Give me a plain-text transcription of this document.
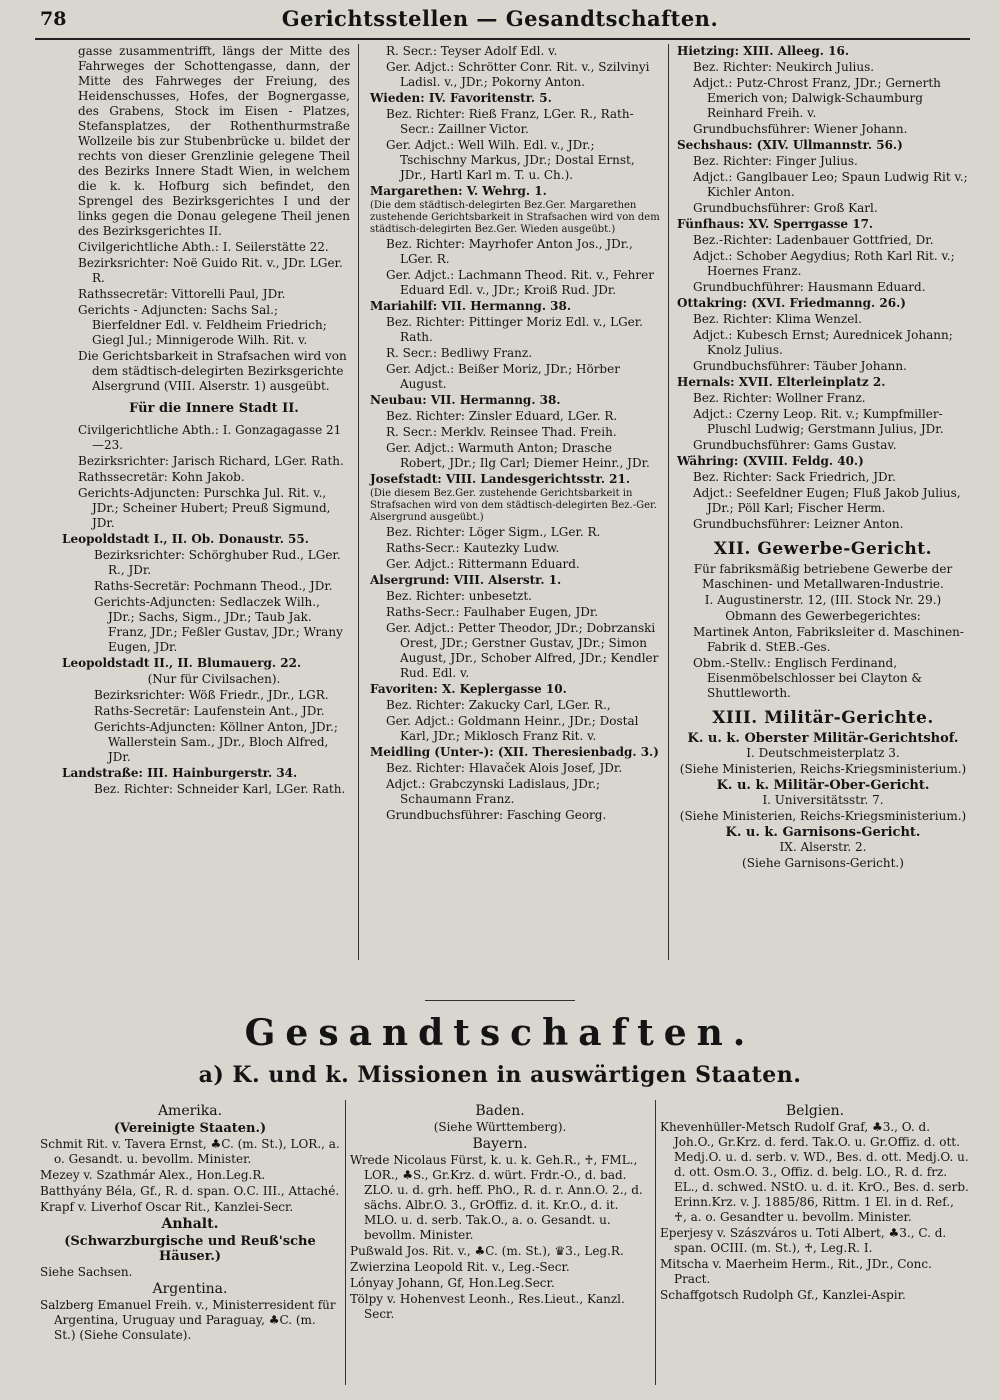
78	Gerichtsstellen — Gesandtschaften.
gasse zusammentrifft, längs der Mitte des Fahrweges der Schottengasse, dann, der Mitte des Fahrweges der Freiung, des Heidenschusses, Hofes, der Bognergasse, des Grabens, Stock im Eisen - Platzes, Stefansplatzes, der Rothenthurmstraße Wollzeile bis zur Stubenbrücke u. bildet der rechts von dieser Grenzlinie gelegene Theil des Bezirks Innere Stadt Wien, in welchem die k. k. Hofburg sich befindet, den Sprengel des Bezirksgerichtes I und der links gegen die Donau gelegene Theil jenen des Bezirksgerichtes II.
Civilgerichtliche Abth.: I. Seilerstätte 22.
Bezirksrichter: Noë Guido Rit. v., JDr. LGer. R.
Rathssecretär: Vittorelli Paul, JDr.
Gerichts - Adjuncten: Sachs Sal.; Bierfeldner Edl. v. Feldheim Friedrich; Giegl Jul.; Minnigerode Wilh. Rit. v.
Die Gerichtsbarkeit in Strafsachen wird von dem städtisch-delegirten Bezirksgerichte Alsergrund (VIII. Alserstr. 1) ausgeübt.
Für die Innere Stadt II.
Civilgerichtliche Abth.: I. Gonzagagasse 21—23.
Bezirksrichter: Jarisch Richard, LGer. Rath.
Rathssecretär: Kohn Jakob.
Gerichts-Adjuncten: Purschka Jul. Rit. v., JDr.; Scheiner Hubert; Preuß Sigmund, JDr.
Leopoldstadt I., II. Ob. Donaustr. 55.
Bezirksrichter: Schörghuber Rud., LGer. R., JDr.
Raths-Secretär: Pochmann Theod., JDr.
Gerichts-Adjuncten: Sedlaczek Wilh., JDr.; Sachs, Sigm., JDr.; Taub Jak. Franz, JDr.; Feßler Gustav, JDr.; Wrany Eugen, JDr.
Leopoldstadt II., II. Blumauerg. 22.
(Nur für Civilsachen).
Bezirksrichter: Wöß Friedr., JDr., LGR.
Raths-Secretär: Laufenstein Ant., JDr.
Gerichts-Adjuncten: Köllner Anton, JDr.; Wallerstein Sam., JDr., Bloch Alfred, JDr.
Landstraße: III. Hainburgerstr. 34.
Bez. Richter: Schneider Karl, LGer. Rath.
R. Secr.: Teyser Adolf Edl. v.
Ger. Adjct.: Schrötter Conr. Rit. v., Szilvinyi Ladisl. v., JDr.; Pokorny Anton.
Wieden: IV. Favoritenstr. 5.
Bez. Richter: Rieß Franz, LGer. R., Rath-Secr.: Zaillner Victor.
Ger. Adjct.: Well Wilh. Edl. v., JDr.; Tschischny Markus, JDr.; Dostal Ernst, JDr., Hartl Karl m. T. u. Ch.).
Margarethen: V. Wehrg. 1.
(Die dem städtisch-delegirten Bez.Ger. Margarethen zustehende Gerichtsbarkeit in Strafsachen wird von dem städtisch-delegirten Bez.Ger. Wieden ausgeübt.)
Bez. Richter: Mayrhofer Anton Jos., JDr., LGer. R.
Ger. Adjct.: Lachmann Theod. Rit. v., Fehrer Eduard Edl. v., JDr.; Kroiß Rud. JDr.
Mariahilf: VII. Hermanng. 38.
Bez. Richter: Pittinger Moriz Edl. v., LGer. Rath.
R. Secr.: Bedliwy Franz.
Ger. Adjct.: Beißer Moriz, JDr.; Hörber August.
Neubau: VII. Hermanng. 38.
Bez. Richter: Zinsler Eduard, LGer. R.
R. Secr.: Merklv. Reinsee Thad. Freih.
Ger. Adjct.: Warmuth Anton; Drasche Robert, JDr.; Ilg Carl; Diemer Heinr., JDr.
Josefstadt: VIII. Landesgerichtsstr. 21.
(Die diesem Bez.Ger. zustehende Gerichtsbarkeit in Strafsachen wird von dem städtisch-delegirten Bez.-Ger. Alsergrund ausgeübt.)
Bez. Richter: Löger Sigm., LGer. R.
Raths-Secr.: Kautezky Ludw.
Ger. Adjct.: Rittermann Eduard.
Alsergrund: VIII. Alserstr. 1.
Bez. Richter: unbesetzt.
Raths-Secr.: Faulhaber Eugen, JDr.
Ger. Adjct.: Petter Theodor, JDr.; Dobrzanski Orest, JDr.; Gerstner Gustav, JDr.; Simon August, JDr., Schober Alfred, JDr.; Kendler Rud. Edl. v.
Favoriten: X. Keplergasse 10.
Bez. Richter: Zakucky Carl, LGer. R.,
Ger. Adjct.: Goldmann Heinr., JDr.; Dostal Karl, JDr.; Miklosch Franz Rit. v.
Meidling (Unter-): (XII. Theresienbadg. 3.)
Bez. Richter: Hlavaček Alois Josef, JDr.
Adjct.: Grabczynski Ladislaus, JDr.; Schaumann Franz.
Grundbuchsführer: Fasching Georg.
Hietzing: XIII. Alleeg. 16.
Bez. Richter: Neukirch Julius.
Adjct.: Putz-Chrost Franz, JDr.; Gernerth Emerich von; Dalwigk-Schaumburg Reinhard Freih. v.
Grundbuchsführer: Wiener Johann.
Sechshaus: (XIV. Ullmannstr. 56.)
Bez. Richter: Finger Julius.
Adjct.: Ganglbauer Leo; Spaun Ludwig Rit v.; Kichler Anton.
Grundbuchsführer: Groß Karl.
Fünfhaus: XV. Sperrgasse 17.
Bez.-Richter: Ladenbauer Gottfried, Dr.
Adjct.: Schober Aegydius; Roth Karl Rit. v.; Hoernes Franz.
Grundbuchführer: Hausmann Eduard.
Ottakring: (XVI. Friedmanng. 26.)
Bez. Richter: Klima Wenzel.
Adjct.: Kubesch Ernst; Aurednicek Johann; Knolz Julius.
Grundbuchsführer: Täuber Johann.
Hernals: XVII. Elterleinplatz 2.
Bez. Richter: Wollner Franz.
Adjct.: Czerny Leop. Rit. v.; Kumpfmiller-Pluschl Ludwig; Gerstmann Julius, JDr.
Grundbuchsführer: Gams Gustav.
Währing: (XVIII. Feldg. 40.)
Bez. Richter: Sack Friedrich, JDr.
Adjct.: Seefeldner Eugen; Fluß Jakob Julius, JDr.; Pöll Karl; Fischer Herm.
Grundbuchsführer: Leizner Anton.
XII. Gewerbe-Gericht.
Für fabriksmäßig betriebene Gewerbe der Maschinen- und Metallwaren-Industrie.
I. Augustinerstr. 12, (III. Stock Nr. 29.)
Obmann des Gewerbegerichtes:
Martinek Anton, Fabriksleiter d. Maschinen-Fabrik d. StEB.-Ges.
Obm.-Stellv.: Englisch Ferdinand, Eisenmöbelschlosser bei Clayton & Shuttleworth.
XIII. Militär-Gerichte.
K. u. k. Oberster Militär-Gerichtshof.
I. Deutschmeisterplatz 3.
(Siehe Ministerien, Reichs-Kriegsministerium.)
K. u. k. Militär-Ober-Gericht.
I. Universitätsstr. 7.
(Siehe Ministerien, Reichs-Kriegsministerium.)
K. u. k. Garnisons-Gericht.
IX. Alserstr. 2.
(Siehe Garnisons-Gericht.)
Gesandtschaften.
a) K. und k. Missionen in auswärtigen Staaten.
Amerika.
(Vereinigte Staaten.)
Schmit Rit. v. Tavera Ernst, ♣C. (m. St.), LOR., a. o. Gesandt. u. bevollm. Minister.
Mezey v. Szathmár Alex., Hon.Leg.R.
Batthyány Béla, Gf., R. d. span. O.C. III., Attaché.
Krapf v. Liverhof Oscar Rit., Kanzlei-Secr.
Anhalt.
(Schwarzburgische und Reuß'sche Häuser.)
Siehe Sachsen.
Argentina.
Salzberg Emanuel Freih. v., Ministerresident für Argentina, Uruguay und Paraguay, ♣C. (m. St.) (Siehe Consulate).
Baden.
(Siehe Württemberg).
Bayern.
Wrede Nicolaus Fürst, k. u. k. Geh.R., ♰, FML., LOR., ♣S., Gr.Krz. d. würt. Frdr.-O., d. bad. ZLO. u. d. grh. heff. PhO., R. d. r. Ann.O. 2., d. sächs. Albr.O. 3., GrOffiz. d. it. Kr.O., d. it. MLO. u. d. serb. Tak.O., a. o. Gesandt. u. bevollm. Minister.
Pußwald Jos. Rit. v., ♣C. (m. St.), ♛3., Leg.R.
Zwierzina Leopold Rit. v., Leg.-Secr.
Lónyay Johann, Gf, Hon.Leg.Secr.
Tölpy v. Hohenvest Leonh., Res.Lieut., Kanzl. Secr.
Belgien.
Khevenhüller-Metsch Rudolf Graf, ♣3., O. d. Joh.O., Gr.Krz. d. ferd. Tak.O. u. Gr.Offiz. d. ott. Medj.O. u. d. serb. v. WD., Bes. d. ott. Medj.O. u. d. ott. Osm.O. 3., Offiz. d. belg. LO., R. d. frz. EL., d. schwed. NStO. u. d. it. KrO., Bes. d. serb. Erinn.Krz. v. J. 1885/86, Rittm. 1 El. in d. Ref., ♰, a. o. Gesandter u. bevollm. Minister.
Eperjesy v. Szászváros u. Toti Albert, ♣3., C. d. span. OCIII. (m. St.), ♰, Leg.R. I.
Mitscha v. Maerheim Herm., Rit., JDr., Conc. Pract.
Schaffgotsch Rudolph Gf., Kanzlei-Aspir.
